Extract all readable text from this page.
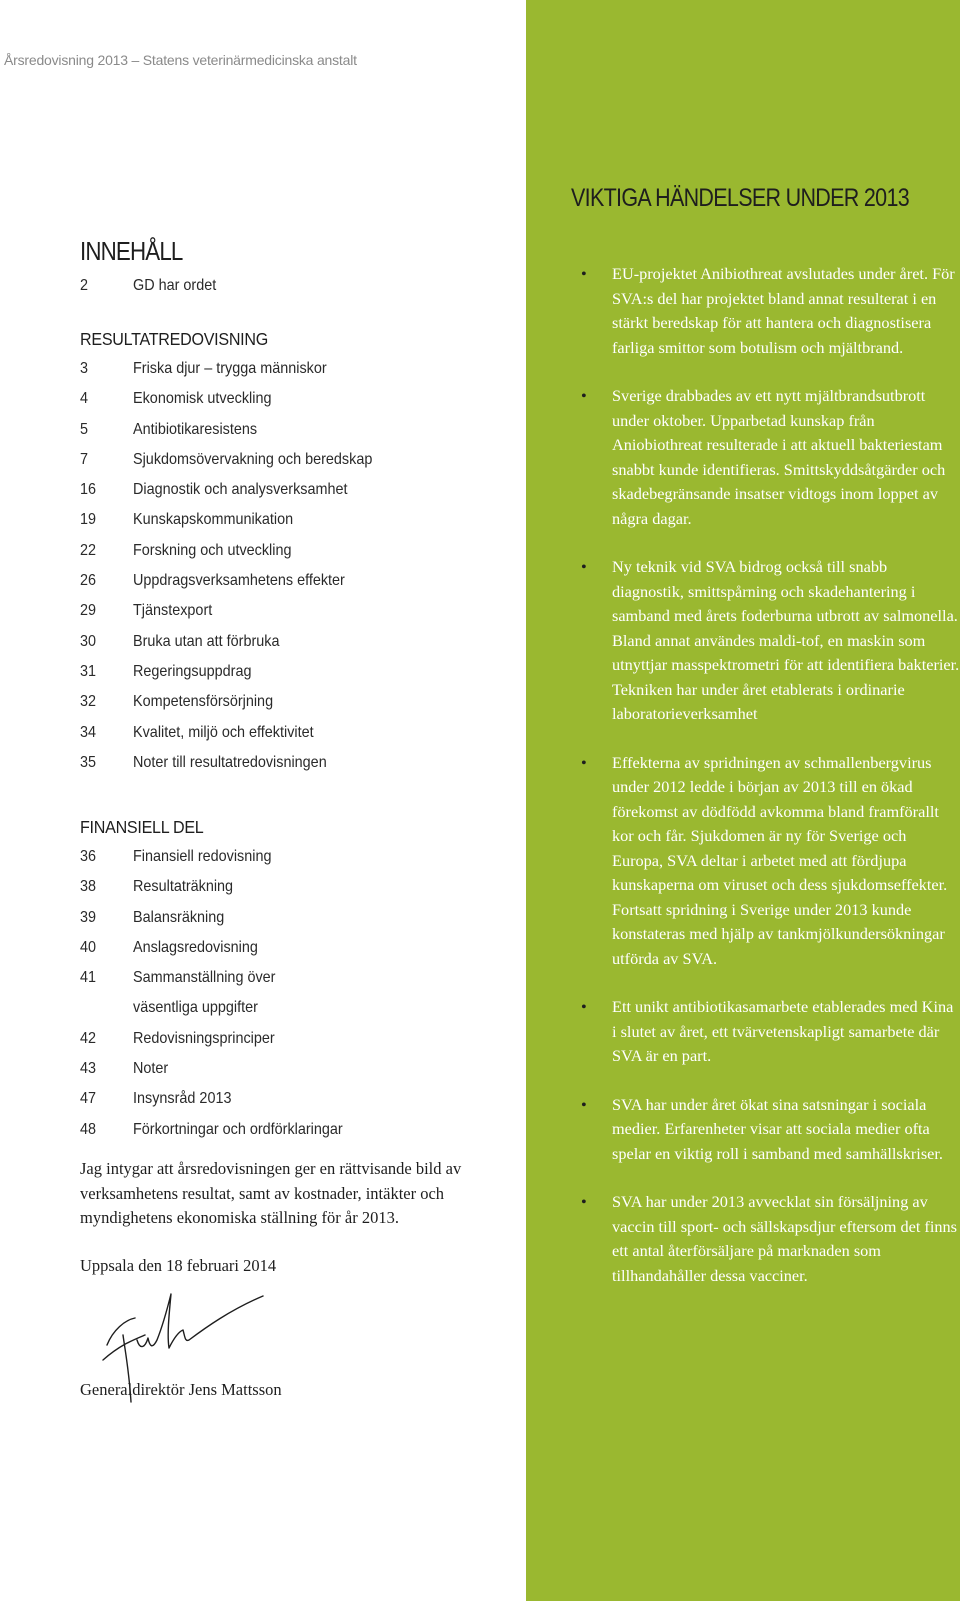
Årsredovisning 2013 – Statens veterinärmedicinska anstalt
INNEHÅLL
2	GD har ordet
RESULTATREDOVISNING
3	Friska djur – trygga människor
4	Ekonomisk utveckling
5	Antibiotikaresistens
7	Sjukdomsövervakning och beredskap
16	Diagnostik och analysverksamhet
19	Kunskapskommunikation
22	Forskning och utveckling
26	Uppdragsverksamhetens effekter
29	Tjänstexport
30	Bruka utan att förbruka
31	Regeringsuppdrag
32	Kompetensförsörjning
34	Kvalitet, miljö och effektivitet
35	Noter till resultatredovisningen
FINANSIELL DEL
36	Finansiell redovisning
38	Resultaträkning
39	Balansräkning
40	Anslagsredovisning
41	Sammanställning över
väsentliga uppgifter
42	Redovisningsprinciper
43	Noter
47	Insynsråd 2013
48	Förkortningar och ordförklaringar
Jag intygar att årsredovisningen ger en rättvisande bild av verksamhetens resultat, samt av kostnader, intäkter och myndighetens ekonomiska ställning för år 2013.
Uppsala den 18 februari 2014
Generaldirektör Jens Mattsson
VIKTIGA HÄNDELSER UNDER 2013
• EU-projektet Anibiothreat avslutades under året. För SVA:s del har projektet bland annat resulterat i en stärkt beredskap för att hantera och diagnostisera farliga smittor som botulism och mjältbrand.
• Sverige drabbades av ett nytt mjältbrandsutbrott under oktober. Upparbetad kunskap från Aniobiothreat resulterade i att aktuell bakteriestam snabbt kunde identifieras. Smittskyddsåtgärder och skadebegränsande insatser vidtogs inom loppet av några dagar.
• Ny teknik vid SVA bidrog också till snabb diagnostik, smittspårning och skadehantering i samband med årets foderburna utbrott av salmonella. Bland annat användes maldi-tof, en maskin som utnyttjar masspektrometri för att identifiera bakterier. Tekniken har under året etablerats i ordinarie laboratorieverksamhet
• Effekterna av spridningen av schmallenbergvirus under 2012 ledde i början av 2013 till en ökad förekomst av dödfödd avkomma bland framförallt kor och får. Sjukdomen är ny för Sverige och Europa, SVA deltar i arbetet med att fördjupa kunskaperna om viruset och dess sjukdomseffekter. Fortsatt spridning i Sverige under 2013 kunde konstateras med hjälp av tankmjölkundersökningar utförda av SVA.
• Ett unikt antibiotikasamarbete etablerades med Kina i slutet av året, ett tvärvetenskapligt samarbete där SVA är en part.
• SVA har under året ökat sina satsningar i sociala medier. Erfarenheter visar att sociala medier ofta spelar en viktig roll i samband med samhällskriser.
• SVA har under 2013 avvecklat sin försäljning av vaccin till sport- och sällskapsdjur eftersom det finns ett antal återförsäljare på marknaden som tillhandahåller dessa vacciner.
